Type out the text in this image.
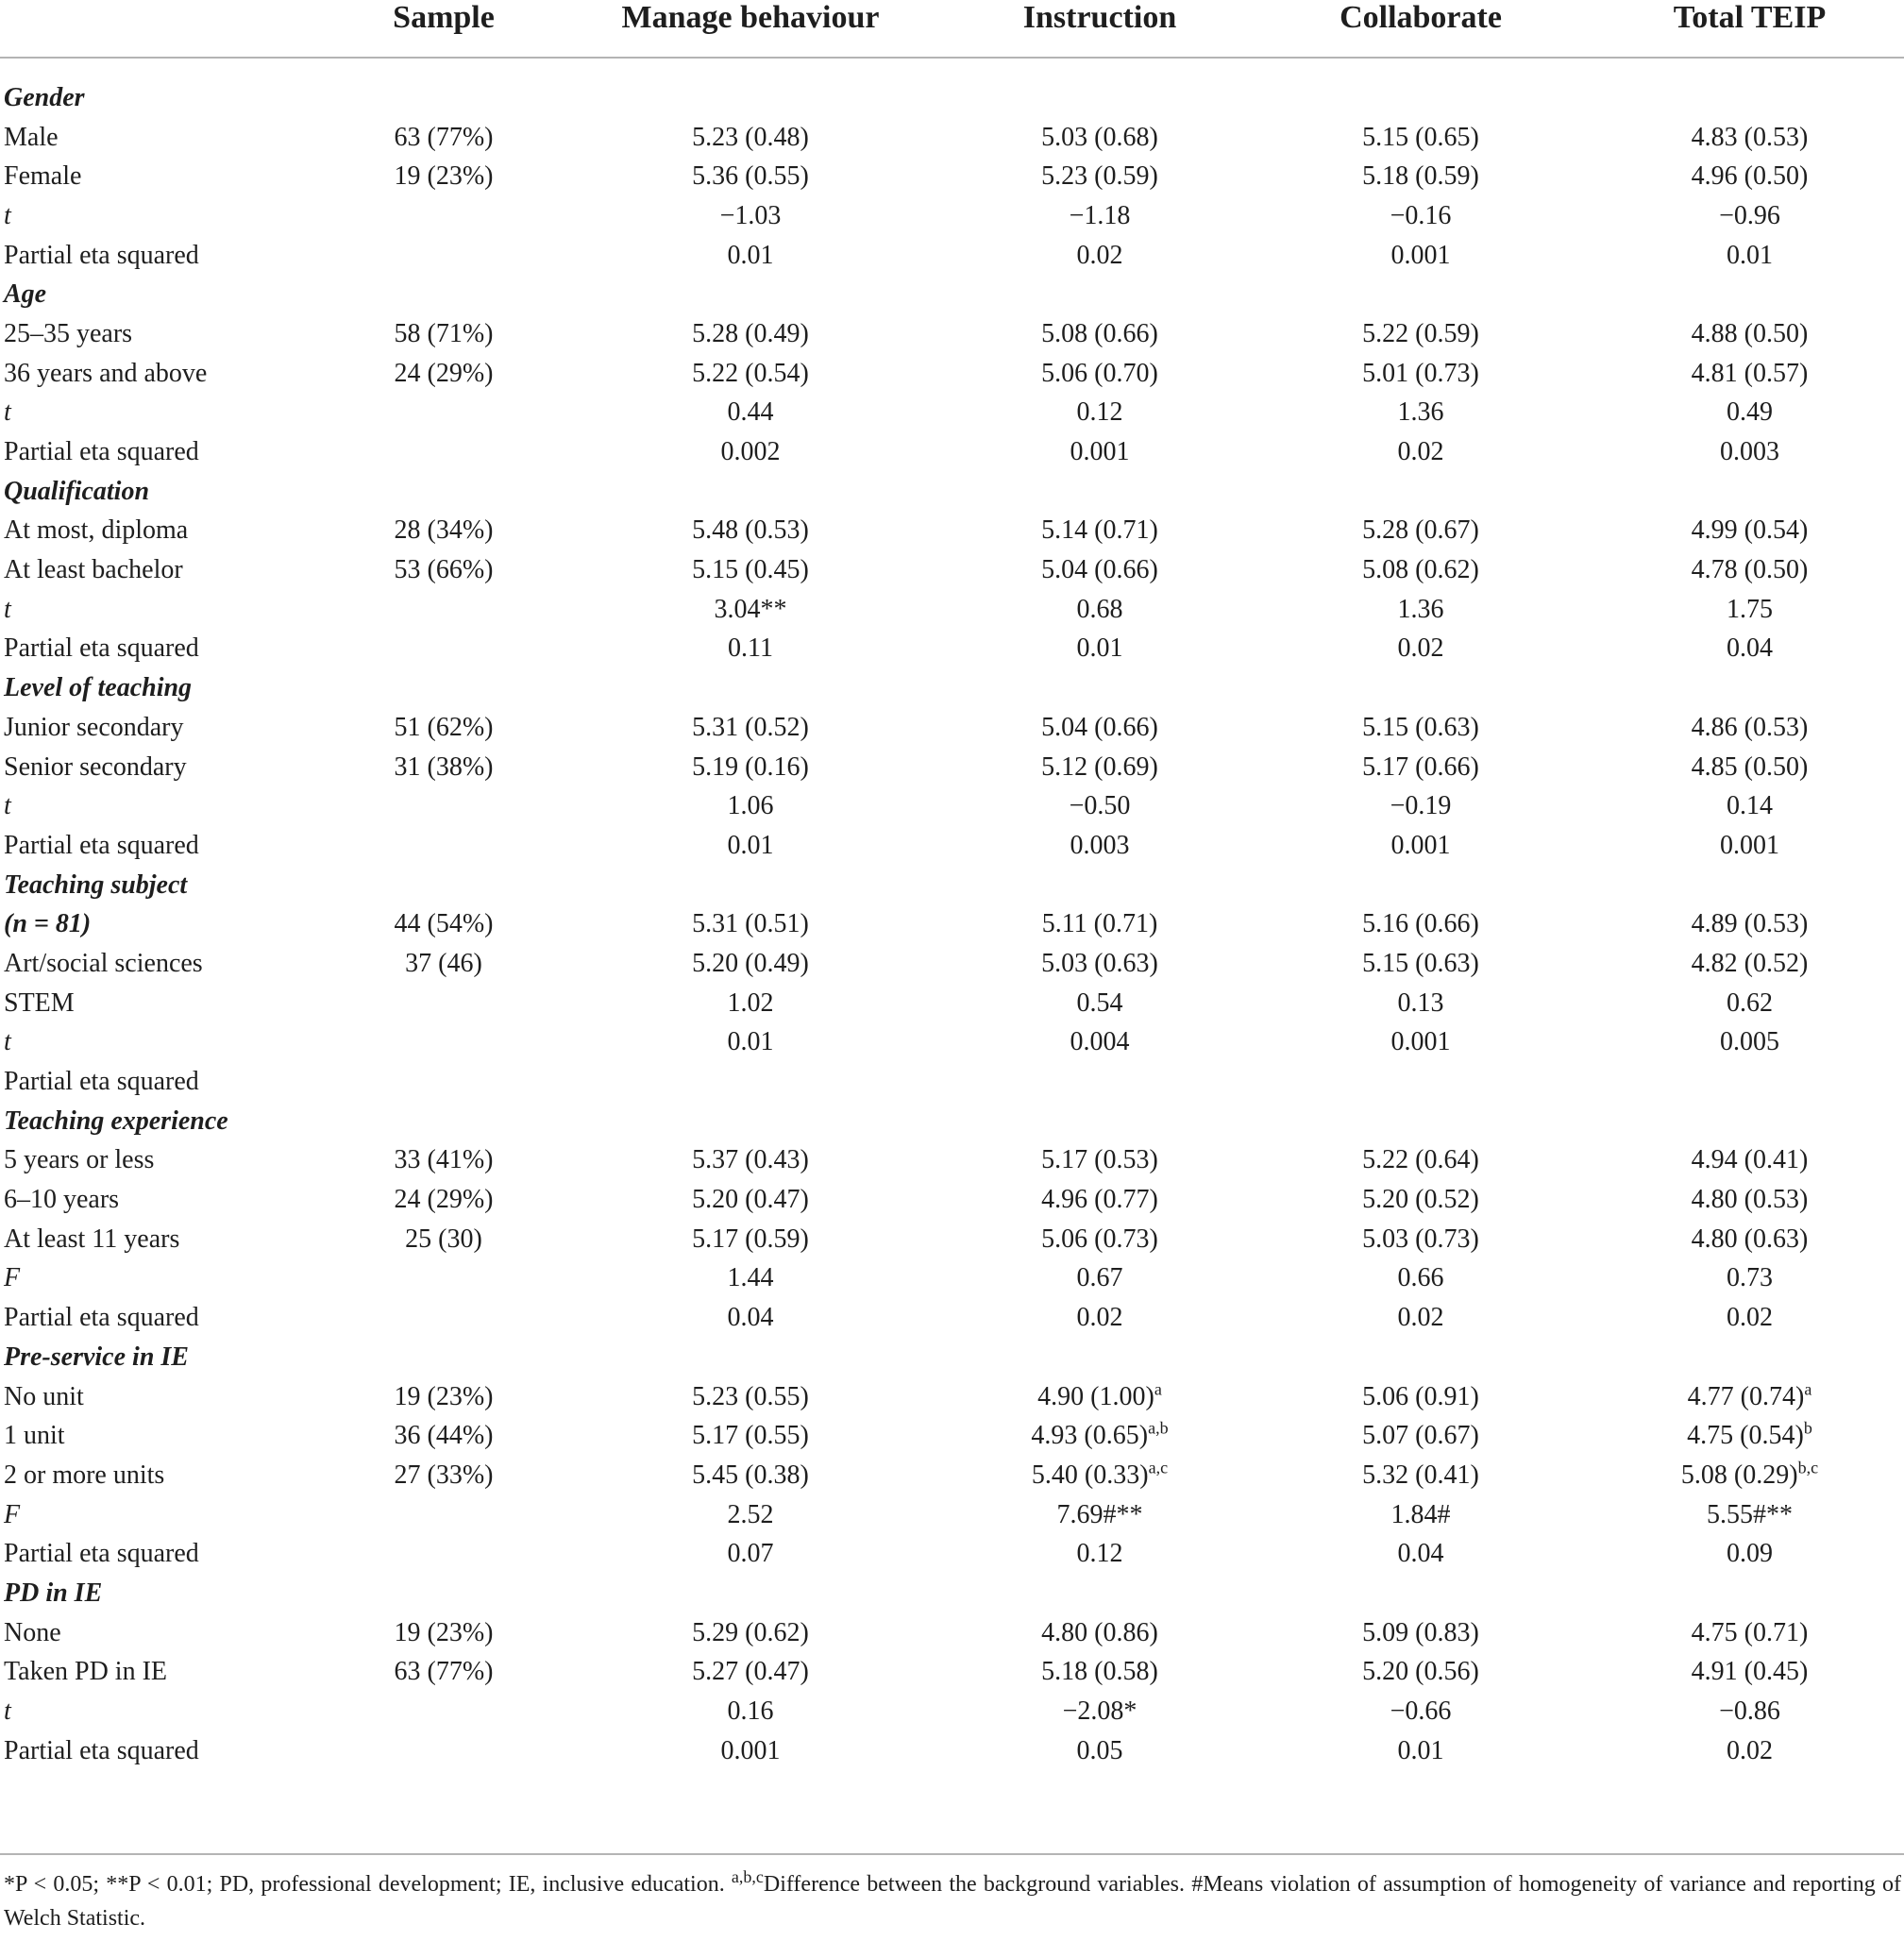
	Sample	Manage behaviour	Instruction	Collaborate	Total TEIP

Gender					
Male	63 (77%)	5.23 (0.48)	5.03 (0.68)	5.15 (0.65)	4.83 (0.53)
Female	19 (23%)	5.36 (0.55)	5.23 (0.59)	5.18 (0.59)	4.96 (0.50)
t		−1.03	−1.18	−0.16	−0.96
Partial eta squared		0.01	0.02	0.001	0.01
Age					
25–35 years	58 (71%)	5.28 (0.49)	5.08 (0.66)	5.22 (0.59)	4.88 (0.50)
36 years and above	24 (29%)	5.22 (0.54)	5.06 (0.70)	5.01 (0.73)	4.81 (0.57)
t		0.44	0.12	1.36	0.49
Partial eta squared		0.002	0.001	0.02	0.003
Qualification					
At most, diploma	28 (34%)	5.48 (0.53)	5.14 (0.71)	5.28 (0.67)	4.99 (0.54)
At least bachelor	53 (66%)	5.15 (0.45)	5.04 (0.66)	5.08 (0.62)	4.78 (0.50)
t		3.04**	0.68	1.36	1.75
Partial eta squared		0.11	0.01	0.02	0.04
Level of teaching					
Junior secondary	51 (62%)	5.31 (0.52)	5.04 (0.66)	5.15 (0.63)	4.86 (0.53)
Senior secondary	31 (38%)	5.19 (0.16)	5.12 (0.69)	5.17 (0.66)	4.85 (0.50)
t		1.06	−0.50	−0.19	0.14
Partial eta squared		0.01	0.003	0.001	0.001
Teaching subject					
(n = 81)	44 (54%)	5.31 (0.51)	5.11 (0.71)	5.16 (0.66)	4.89 (0.53)
Art/social sciences	37 (46)	5.20 (0.49)	5.03 (0.63)	5.15 (0.63)	4.82 (0.52)
STEM		1.02	0.54	0.13	0.62
t		0.01	0.004	0.001	0.005
Partial eta squared					
Teaching experience					
5 years or less	33 (41%)	5.37 (0.43)	5.17 (0.53)	5.22 (0.64)	4.94 (0.41)
6–10 years	24 (29%)	5.20 (0.47)	4.96 (0.77)	5.20 (0.52)	4.80 (0.53)
At least 11 years	25 (30)	5.17 (0.59)	5.06 (0.73)	5.03 (0.73)	4.80 (0.63)
F		1.44	0.67	0.66	0.73
Partial eta squared		0.04	0.02	0.02	0.02
Pre-service in IE					
No unit	19 (23%)	5.23 (0.55)	4.90 $(1.00)^a$	5.06 (0.91)	4.77 $(0.74)^a$
1 unit	36 (44%)	5.17 (0.55)	4.93 $(0.65)^{a,b}$	5.07 (0.67)	4.75 $(0.54)^b$
2 or more units	27 (33%)	5.45 (0.38)	5.40 $(0.33)^{a,c}$	5.32 (0.41)	5.08 $(0.29)^{b,c}$
F		2.52	7.69#**	1.84#	5.55#**
Partial eta squared		0.07	0.12	0.04	0.09
PD in IE					
None	19 (23%)	5.29 (0.62)	4.80 (0.86)	5.09 (0.83)	4.75 (0.71)
Taken PD in IE	63 (77%)	5.27 (0.47)	5.18 (0.58)	5.20 (0.56)	4.91 (0.45)
t		0.16	−2.08*	−0.66	−0.86
Partial eta squared		0.001	0.05	0.01	0.02
*P < 0.05; **P < 0.01; PD, professional development; IE, inclusive education. $^{a,b,c}$Difference between the background variables. #Means violation of assumption of homogeneity of variance and reporting of Welch Statistic.
